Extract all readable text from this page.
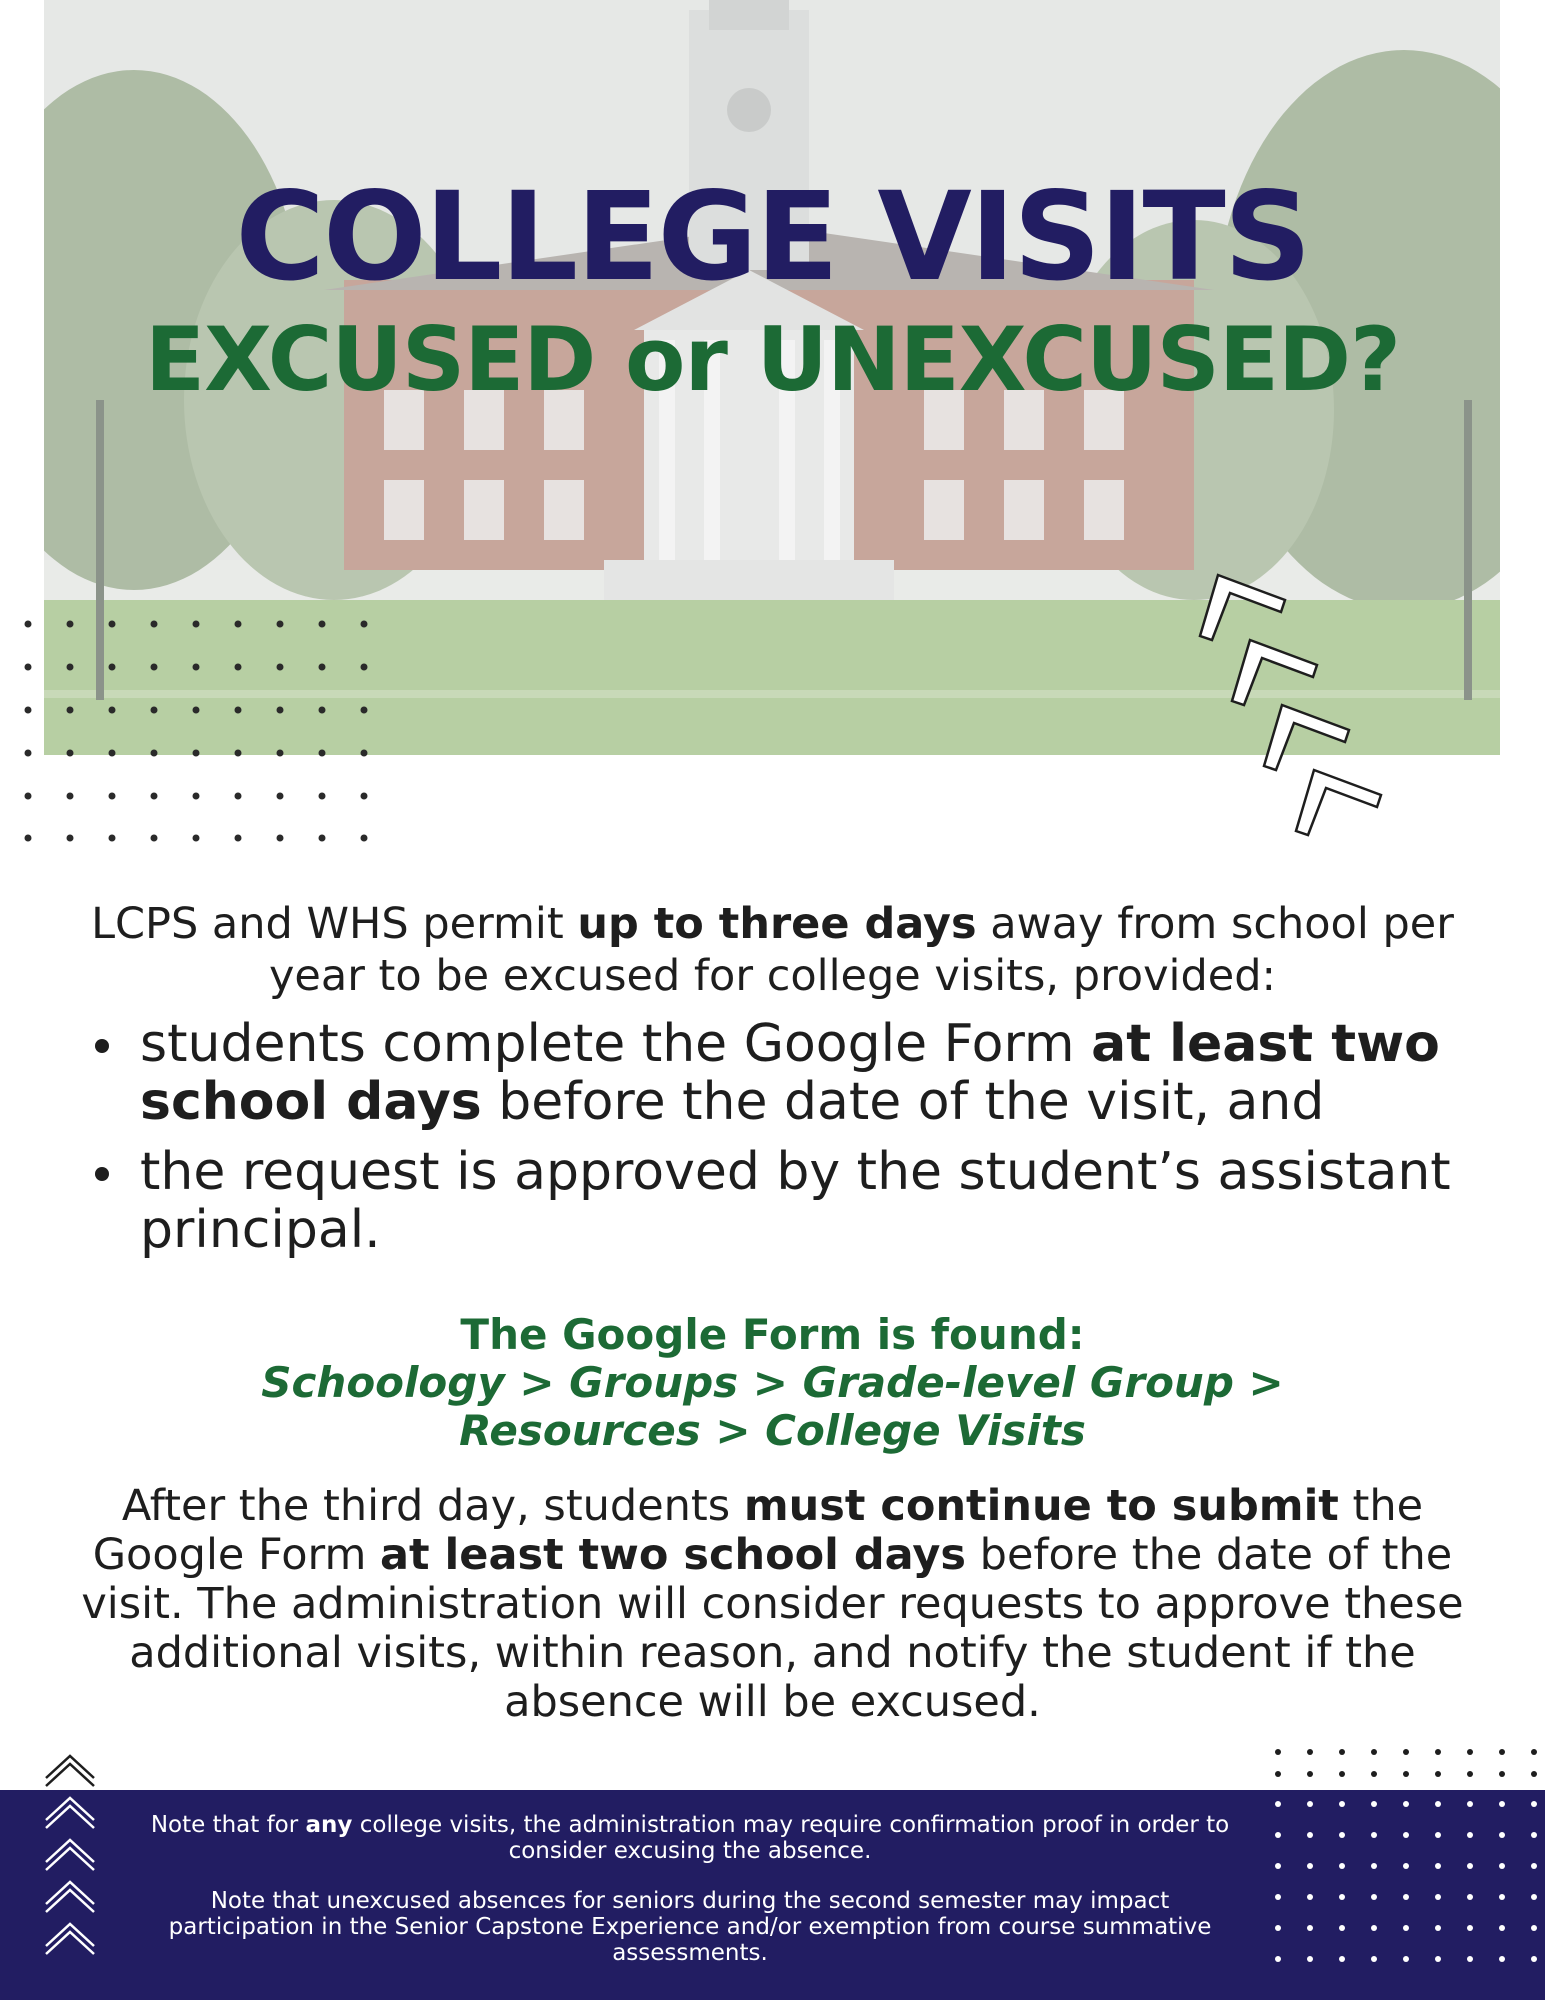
COLLEGE VISITS
EXCUSED or UNEXCUSED?

LCPS and WHS permit up to three days away from school per year to be excused for college visits, provided:

students complete the Google Form at least two school days before the date of the visit, and
the request is approved by the student’s assistant principal.

The Google Form is found:

Schoology > Groups > Grade-level Group >

Resources > College Visits

After the third day, students must continue to submit the Google Form at least two school days before the date of the visit. The administration will consider requests to approve these additional visits, within reason, and notify the student if the absence will be excused.

Note that for any college visits, the administration may require confirmation proof in order to consider excusing the absence.

Note that unexcused absences for seniors during the second semester may impact participation in the Senior Capstone Experience and/or exemption from course summative assessments.
